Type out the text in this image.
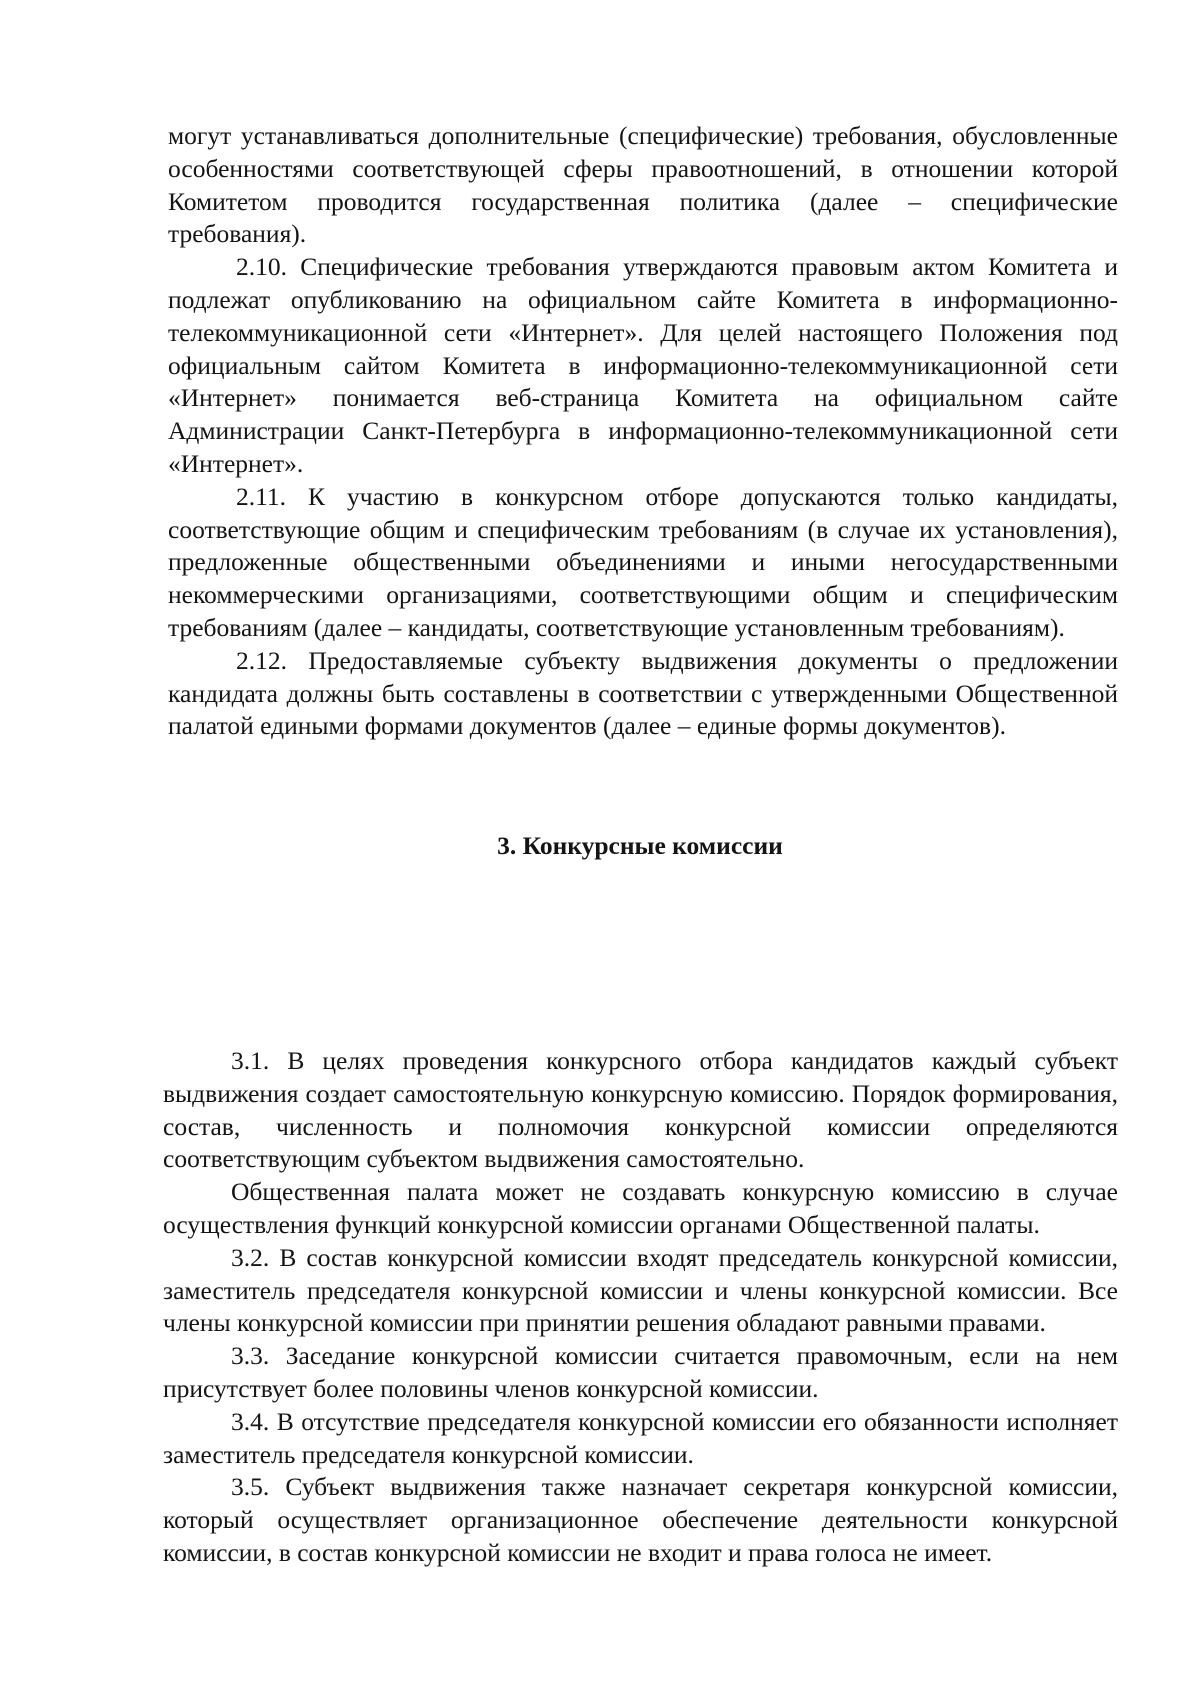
могут устанавливаться дополнительные (специфические) требования, обусловленные особенностями соответствующей сферы правоотношений, в отношении которой Комитетом проводится государственная политика (далее – специфические требования).

2.10. Специфические требования утверждаются правовым актом Комитета и подлежат опубликованию на официальном сайте Комитета в информационно-телекоммуникационной сети «Интернет». Для целей настоящего Положения под официальным сайтом Комитета в информационно-телекоммуникационной сети «Интернет» понимается веб-страница Комитета на официальном сайте Администрации Санкт-Петербурга в информационно-телекоммуникационной сети «Интернет».

2.11. К участию в конкурсном отборе допускаются только кандидаты, соответствующие общим и специфическим требованиям (в случае их установления), предложенные общественными объединениями и иными негосударственными некоммерческими организациями, соответствующими общим и специфическим требованиям (далее – кандидаты, соответствующие установленным требованиям).

2.12. Предоставляемые субъекту выдвижения документы о предложении кандидата должны быть составлены в соответствии с утвержденными Общественной палатой едиными формами документов (далее – единые формы документов).

3. Конкурсные комиссии

3.1. В целях проведения конкурсного отбора кандидатов каждый субъект выдвижения создает самостоятельную конкурсную комиссию. Порядок формирования, состав, численность и полномочия конкурсной комиссии определяются соответствующим субъектом выдвижения самостоятельно.

Общественная палата может не создавать конкурсную комиссию в случае осуществления функций конкурсной комиссии органами Общественной палаты.

3.2. В состав конкурсной комиссии входят председатель конкурсной комиссии, заместитель председателя конкурсной комиссии и члены конкурсной комиссии. Все члены конкурсной комиссии при принятии решения обладают равными правами.

3.3. Заседание конкурсной комиссии считается правомочным, если на нем присутствует более половины членов конкурсной комиссии.

3.4. В отсутствие председателя конкурсной комиссии его обязанности исполняет заместитель председателя конкурсной комиссии.

3.5. Субъект выдвижения также назначает секретаря конкурсной комиссии, который осуществляет организационное обеспечение деятельности конкурсной комиссии, в состав конкурсной комиссии не входит и права голоса не имеет.
